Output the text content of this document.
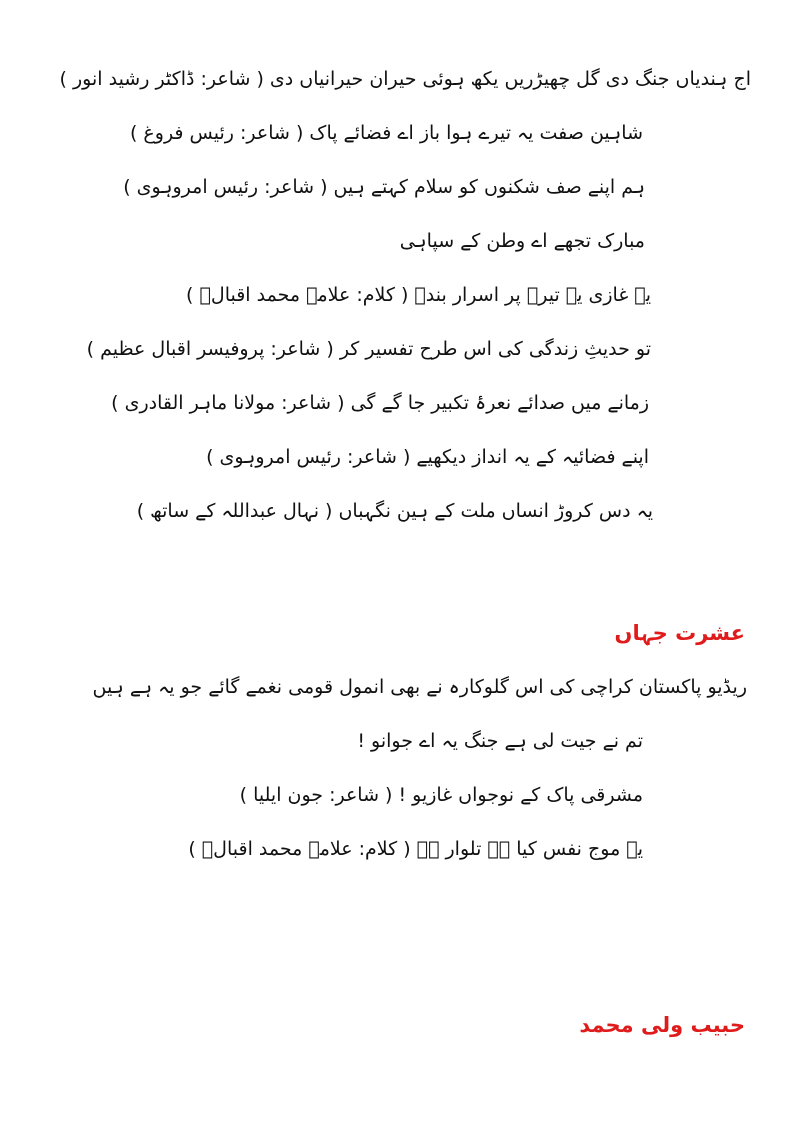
اج ہندیاں جنگ دی گل چھیڑریں یکھ ہوئی حیران حیرانیاں دی ( شاعر: ڈاکٹر رشید انور )
شاہین صفت یہ تیرے ہوا باز اے فضائے پاک ( شاعر: رئیس فروغ )
ہم اپنے صف شکنوں کو سلام کہتے ہیں ( شاعر: رئیس امروہوی )
مبارک تجھے اے وطن کے سپاہی
یہ غازی یہ تیرے پر اسرار بندے ( کلام: علامہ محمد اقبالؒ )
تو حدیثِ زندگی کی اس طرح تفسیر کر ( شاعر: پروفیسر اقبال عظیم )
زمانے میں صدائے نعرۂ تکبیر جا گے گی ( شاعر: مولانا ماہر القادری )
اپنے فضائیہ کے یہ انداز دیکھیے ( شاعر: رئیس امروہوی )
یہ دس کروڑ انساں ملت کے ہین نگہباں ( نہال عبداللہ کے ساتھ )
عشرت جہاں
ریڈیو پاکستان کراچی کی اس گلوکارہ نے بھی انمول قومی نغمے گائے جو یہ ہے ہیں
تم نے جیت لی ہے جنگ یہ اے جوانو !
مشرقی پاک کے نوجواں غازیو ! ( شاعر: جون ایلیا )
یہ موج نفس کیا ہے تلوار ہے ( کلام: علامہ محمد اقبالؒ )
حبیب ولی محمد
